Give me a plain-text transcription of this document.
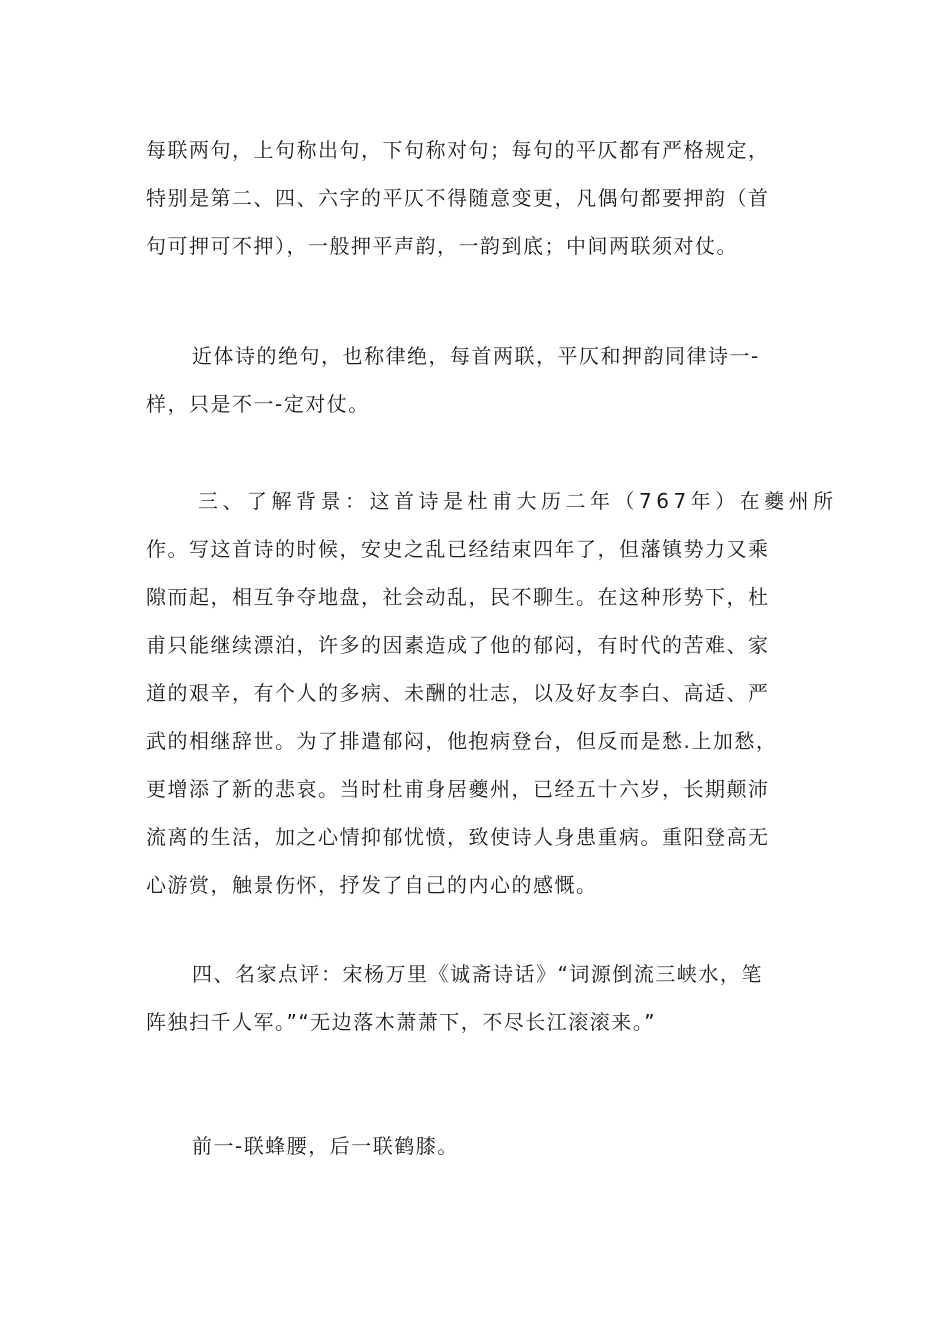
每联两句，上句称出句，下句称对句；每句的平仄都有严格规定，
特别是第二、四、六字的平仄不得随意变更，凡偶句都要押韵（首
句可押可不押），一般押平声韵，一韵到底；中间两联须对仗。
近体诗的绝句，也称律绝，每首两联，平仄和押韵同律诗一-
样，只是不一-定对仗。
三、了解背景：这首诗是杜甫大历二年（767年）在夔州所
作。写这首诗的时候，安史之乱已经结束四年了，但藩镇势力又乘
隙而起，相互争夺地盘，社会动乱，民不聊生。在这种形势下，杜
甫只能继续漂泊，许多的因素造成了他的郁闷，有时代的苦难、家
道的艰辛，有个人的多病、未酬的壮志，以及好友李白、高适、严
武的相继辞世。为了排遣郁闷，他抱病登台，但反而是愁.上加愁，
更增添了新的悲哀。当时杜甫身居夔州，已经五十六岁，长期颠沛
流离的生活，加之心情抑郁忧愤，致使诗人身患重病。重阳登高无
心游赏，触景伤怀，抒发了自己的内心的感慨。
四、名家点评：宋杨万里《诚斋诗话》“词源倒流三峡水，笔
阵独扫千人军。”“无边落木萧萧下，不尽长江滚滚来。”
前一-联蜂腰，后一联鹤膝。
